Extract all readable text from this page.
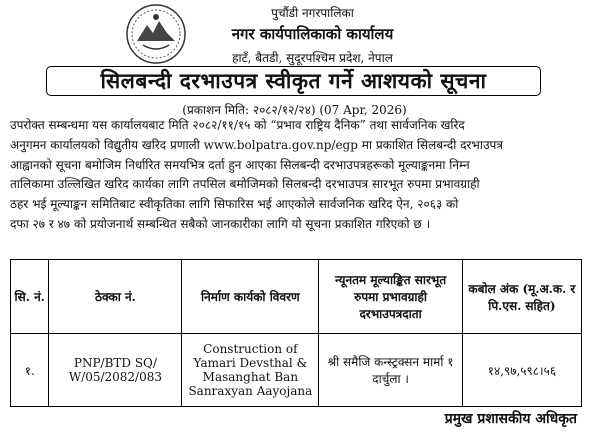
पुर्चौडी नगरपालिका
नगर कार्यपालिकाको कार्यालय
हाटँ, बैतडी, सुदूरपश्चिम प्रदेश, नेपाल
सिलबन्दी दरभाउपत्र स्वीकृत गर्ने आशयको सूचना
(प्रकाशन मिति: २०८२/१२/२४) (07 Apr, 2026)
उपरोक्त सम्बन्धमा यस कार्यालयबाट मिति २०८२/११/१५ को “प्रभाव राष्ट्रिय दैनिक” तथा सार्वजनिक खरिद
अनुगमन कार्यालयको विद्युतीय खरिद प्रणाली www.bolpatra.gov.np/egp मा प्रकाशित सिलबन्दी दरभाउपत्र
आह्वानको सूचना बमोजिम निर्धारित समयभित्र दर्ता हुन आएका सिलबन्दी दरभाउपत्रहरूको मूल्याङ्कनमा निम्न
तालिकामा उल्लिखित खरिद कार्यका लागि तपसिल बमोजिमको सिलबन्दी दरभाउपत्र सारभूत रुपमा प्रभावग्राही
ठहर भई मूल्याङ्कन समितिबाट स्वीकृतिका लागि सिफारिस भई आएकोले सार्वजनिक खरिद ऐन, २०६३ को
दफा २७ र ४७ को प्रयोजनार्थ सम्बन्धित सबैको जानकारीका लागि यो सूचना प्रकाशित गरिएको छ ।
सि. नं.	ठेक्का नं.	निर्माण कार्यको विवरण	न्यूनतम मूल्याङ्कित सारभूत रुपमा प्रभावग्राही दरभाउपत्रदाता	कबोल अंक (मू.अ.क. र पि.एस. सहित)
१.	PNP/BTD SQ/ W/05/2082/083	Construction of Yamari Devsthal & Masanghat Ban Sanraxyan Aayojana	श्री समैजि कन्स्ट्रक्सन मार्मा १ दार्चुला ।	१४,९७,५९८।५६
प्रमुख प्रशासकीय अधिकृत
